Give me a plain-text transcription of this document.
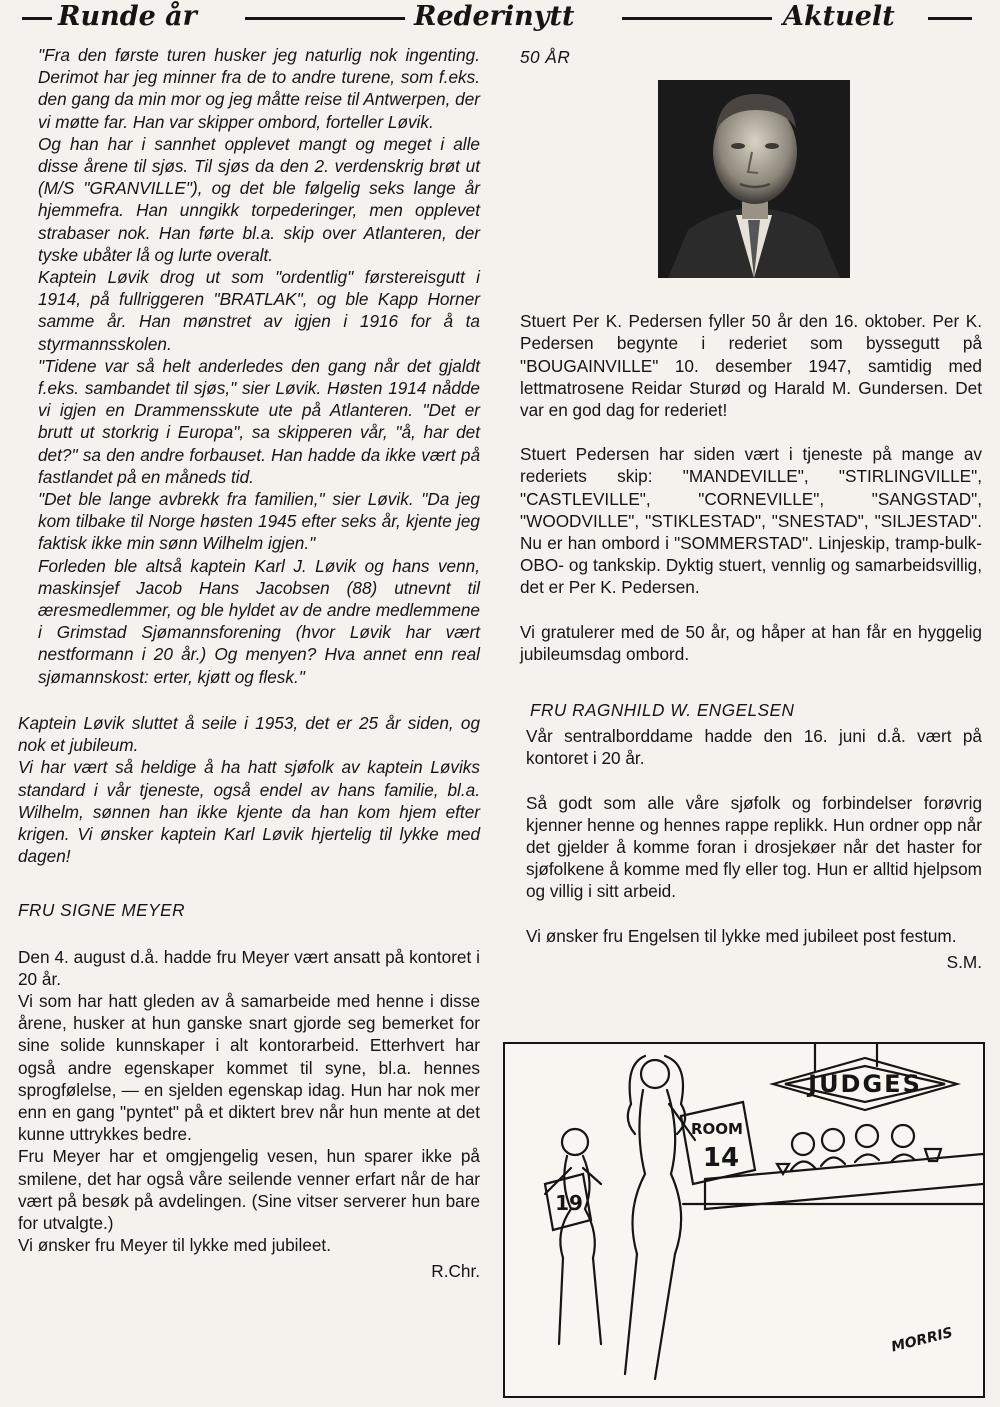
Runde år	Rederinytt	Aktuelt

"Fra den første turen husker jeg naturlig nok ingenting. Derimot har jeg minner fra de to andre turene, som f.eks. den gang da min mor og jeg måtte reise til Antwerpen, der vi møtte far. Han var skipper ombord, forteller Løvik.

Og han har i sannhet opplevet mangt og meget i alle disse årene til sjøs. Til sjøs da den 2. verdenskrig brøt ut (M/S "GRANVILLE"), og det ble følgelig seks lange år hjemmefra. Han unngikk torpederinger, men opplevet strabaser nok. Han førte bl.a. skip over Atlanteren, der tyske ubåter lå og lurte overalt.

Kaptein Løvik drog ut som "ordentlig" førstereisgutt i 1914, på fullriggeren "BRATLAK", og ble Kapp Horner samme år. Han mønstret av igjen i 1916 for å ta styrmannsskolen.

"Tidene var så helt anderledes den gang når det gjaldt f.eks. sambandet til sjøs," sier Løvik. Høsten 1914 nådde vi igjen en Drammensskute ute på Atlanteren. "Det er brutt ut storkrig i Europa", sa skipperen vår, "å, har det det?" sa den andre forbauset. Han hadde da ikke vært på fastlandet på en måneds tid.

"Det ble lange avbrekk fra familien," sier Løvik. "Da jeg kom tilbake til Norge høsten 1945 efter seks år, kjente jeg faktisk ikke min sønn Wilhelm igjen."

Forleden ble altså kaptein Karl J. Løvik og hans venn, maskinsjef Jacob Hans Jacobsen (88) utnevnt til æresmedlemmer, og ble hyldet av de andre medlemmene i Grimstad Sjømannsforening (hvor Løvik har vært nestformann i 20 år.) Og menyen? Hva annet enn real sjømannskost: erter, kjøtt og flesk."

Kaptein Løvik sluttet å seile i 1953, det er 25 år siden, og nok et jubileum.

Vi har vært så heldige å ha hatt sjøfolk av kaptein Løviks standard i vår tjeneste, også endel av hans familie, bl.a. Wilhelm, sønnen han ikke kjente da han kom hjem efter krigen. Vi ønsker kaptein Karl Løvik hjertelig til lykke med dagen!

FRU SIGNE MEYER

Den 4. august d.å. hadde fru Meyer vært ansatt på kontoret i 20 år.

Vi som har hatt gleden av å samarbeide med henne i disse årene, husker at hun ganske snart gjorde seg bemerket for sine solide kunnskaper i alt kontorarbeid. Etterhvert har også andre egenskaper kommet til syne, bl.a. hennes sprogfølelse, — en sjelden egenskap idag. Hun har nok mer enn en gang "pyntet" på et diktert brev når hun mente at det kunne uttrykkes bedre.

Fru Meyer har et omgjengelig vesen, hun sparer ikke på smilene, det har også våre seilende venner erfart når de har vært på besøk på avdelingen. (Sine vitser serverer hun bare for utvalgte.)

Vi ønsker fru Meyer til lykke med jubileet.

R.Chr.

50 ÅR

Stuert Per K. Pedersen fyller 50 år den 16. oktober. Per K. Pedersen begynte i rederiet som byssegutt på "BOUGAINVILLE" 10. desember 1947, samtidig med lettmatrosene Reidar Sturød og Harald M. Gundersen. Det var en god dag for rederiet!

Stuert Pedersen har siden vært i tjeneste på mange av rederiets skip: "MANDEVILLE", "STIRLINGVILLE", "CASTLEVILLE", "CORNEVILLE", "SANGSTAD", "WOODVILLE", "STIKLESTAD", "SNESTAD", "SILJESTAD". Nu er han ombord i "SOMMERSTAD". Linjeskip, tramp-bulk-OBO- og tankskip. Dyktig stuert, vennlig og samarbeidsvillig, det er Per K. Pedersen.

Vi gratulerer med de 50 år, og håper at han får en hyggelig jubileumsdag ombord.

FRU RAGNHILD W. ENGELSEN

Vår sentralborddame hadde den 16. juni d.å. vært på kontoret i 20 år.

Så godt som alle våre sjøfolk og forbindelser forøvrig kjenner henne og hennes rappe replikk. Hun ordner opp når det gjelder å komme foran i drosjekøer når det haster for sjøfolkene å komme med fly eller tog. Hun er alltid hjelpsom og villig i sitt arbeid.

Vi ønsker fru Engelsen til lykke med jubileet post festum.

S.M.

JUDGES
19
ROOM
14
MORRIS
